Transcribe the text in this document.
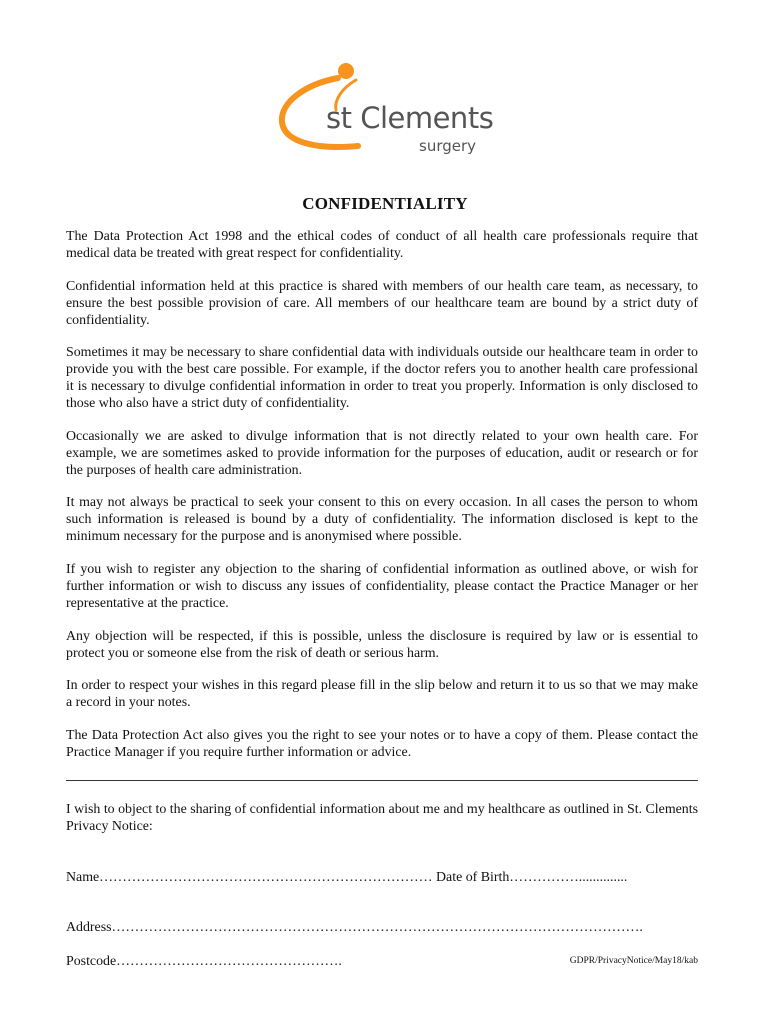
st Clements
surgery
CONFIDENTIALITY

The Data Protection Act 1998 and the ethical codes of conduct of all health care professionals require that medical data be treated with great respect for confidentiality.

Confidential information held at this practice is shared with members of our health care team, as necessary, to ensure the best possible provision of care. All members of our healthcare team are bound by a strict duty of confidentiality.

Sometimes it may be necessary to share confidential data with individuals outside our healthcare team in order to provide you with the best care possible. For example, if the doctor refers you to another health care professional it is necessary to divulge confidential information in order to treat you properly. Information is only disclosed to those who also have a strict duty of confidentiality.

Occasionally we are asked to divulge information that is not directly related to your own health care. For example, we are sometimes asked to provide information for the purposes of education, audit or research or for the purposes of health care administration.

It may not always be practical to seek your consent to this on every occasion. In all cases the person to whom such information is released is bound by a duty of confidentiality. The information disclosed is kept to the minimum necessary for the purpose and is anonymised where possible.

If you wish to register any objection to the sharing of confidential information as outlined above, or wish for further information or wish to discuss any issues of confidentiality, please contact the Practice Manager or her representative at the practice.

Any objection will be respected, if this is possible, unless the disclosure is required by law or is essential to protect you or someone else from the risk of death or serious harm.

In order to respect your wishes in this regard please fill in the slip below and return it to us so that we may make a record in your notes.

The Data Protection Act also gives you the right to see your notes or to have a copy of them. Please contact the Practice Manager if you require further information or advice.

I wish to object to the sharing of confidential information about me and my healthcare as outlined in St. Clements Privacy Notice:

Name……………………………………………………………… Date of Birth……………..............
Address…………………………………………………………………………………………………….
Postcode………………………………………….	GDPR/PrivacyNotice/May18/kab
